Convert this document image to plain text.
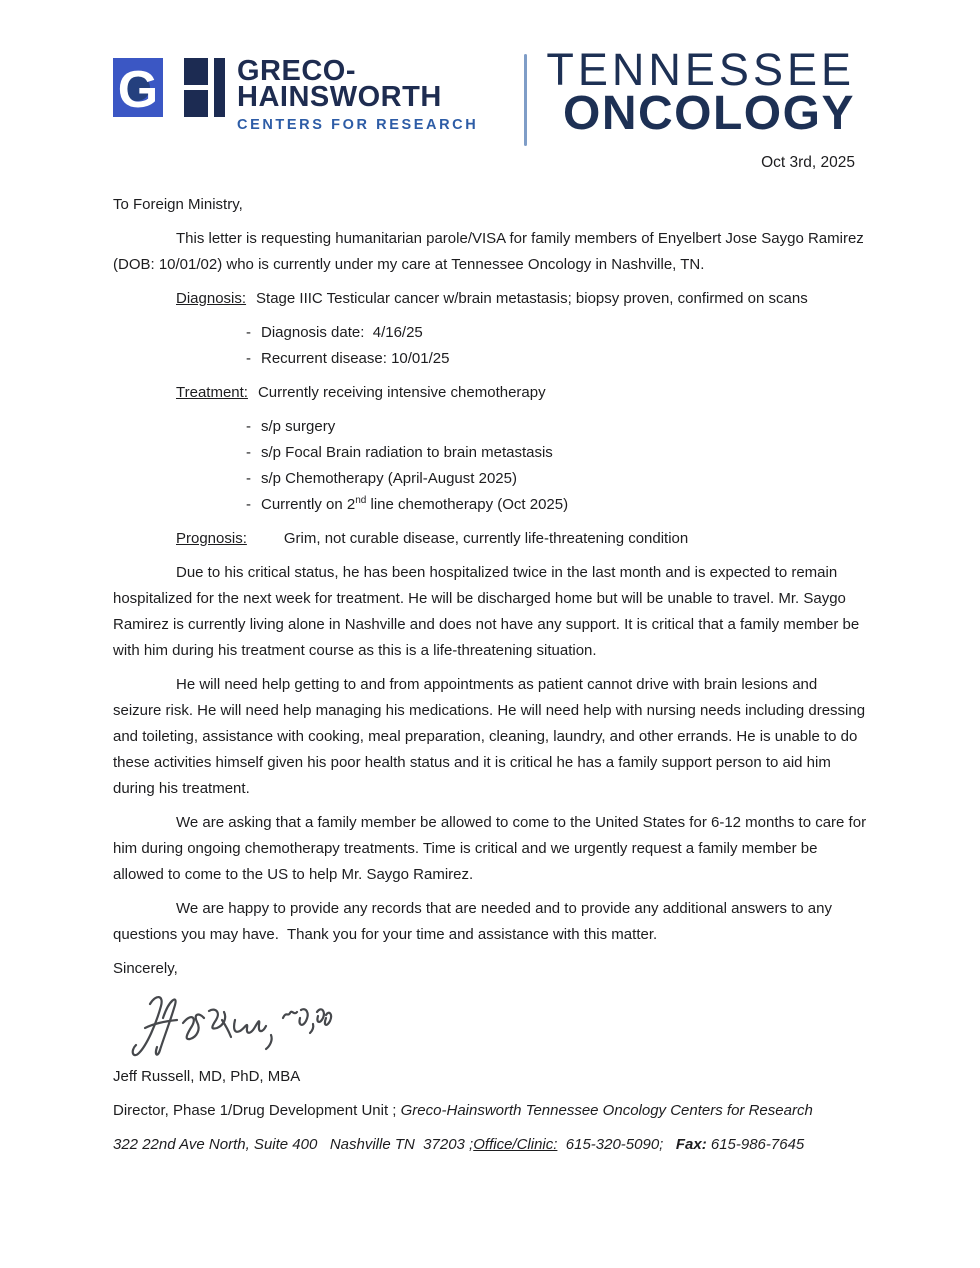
G	GRECO-
HAINSWORTH
CENTERS FOR RESEARCH
TENNESSEE
ONCOLOGY
Oct 3rd, 2025

To Foreign Ministry,

This letter is requesting humanitarian parole/VISA for family members of Enyelbert Jose Saygo Ramirez (DOB: 10/01/02) who is currently under my care at Tennessee Oncology in Nashville, TN.

Diagnosis: Stage IIIC Testicular cancer w/brain metastasis; biopsy proven, confirmed on scans
- Diagnosis date:  4/16/25
- Recurrent disease: 10/01/25
Treatment: Currently receiving intensive chemotherapy
- s/p surgery
- s/p Focal Brain radiation to brain metastasis
- s/p Chemotherapy (April-August 2025)
- Currently on 2nd line chemotherapy (Oct 2025)
Prognosis: Grim, not curable disease, currently life-threatening condition

Due to his critical status, he has been hospitalized twice in the last month and is expected to remain hospitalized for the next week for treatment. He will be discharged home but will be unable to travel. Mr. Saygo Ramirez is currently living alone in Nashville and does not have any support. It is critical that a family member be with him during his treatment course as this is a life-threatening situation.

He will need help getting to and from appointments as patient cannot drive with brain lesions and seizure risk. He will need help managing his medications. He will need help with nursing needs including dressing and toileting, assistance with cooking, meal preparation, cleaning, laundry, and other errands. He is unable to do these activities himself given his poor health status and it is critical he has a family support person to aid him during his treatment.

We are asking that a family member be allowed to come to the United States for 6-12 months to care for him during ongoing chemotherapy treatments. Time is critical and we urgently request a family member be allowed to come to the US to help Mr. Saygo Ramirez.

We are happy to provide any records that are needed and to provide any additional answers to any questions you may have.  Thank you for your time and assistance with this matter.

Sincerely,

Jeff Russell, MD, PhD, MBA

Director, Phase 1/Drug Development Unit ; Greco-Hainsworth Tennessee Oncology Centers for Research

322 22nd Ave North, Suite 400   Nashville TN  37203 ;Office/Clinic:  615-320-5090;   Fax: 615-986-7645
